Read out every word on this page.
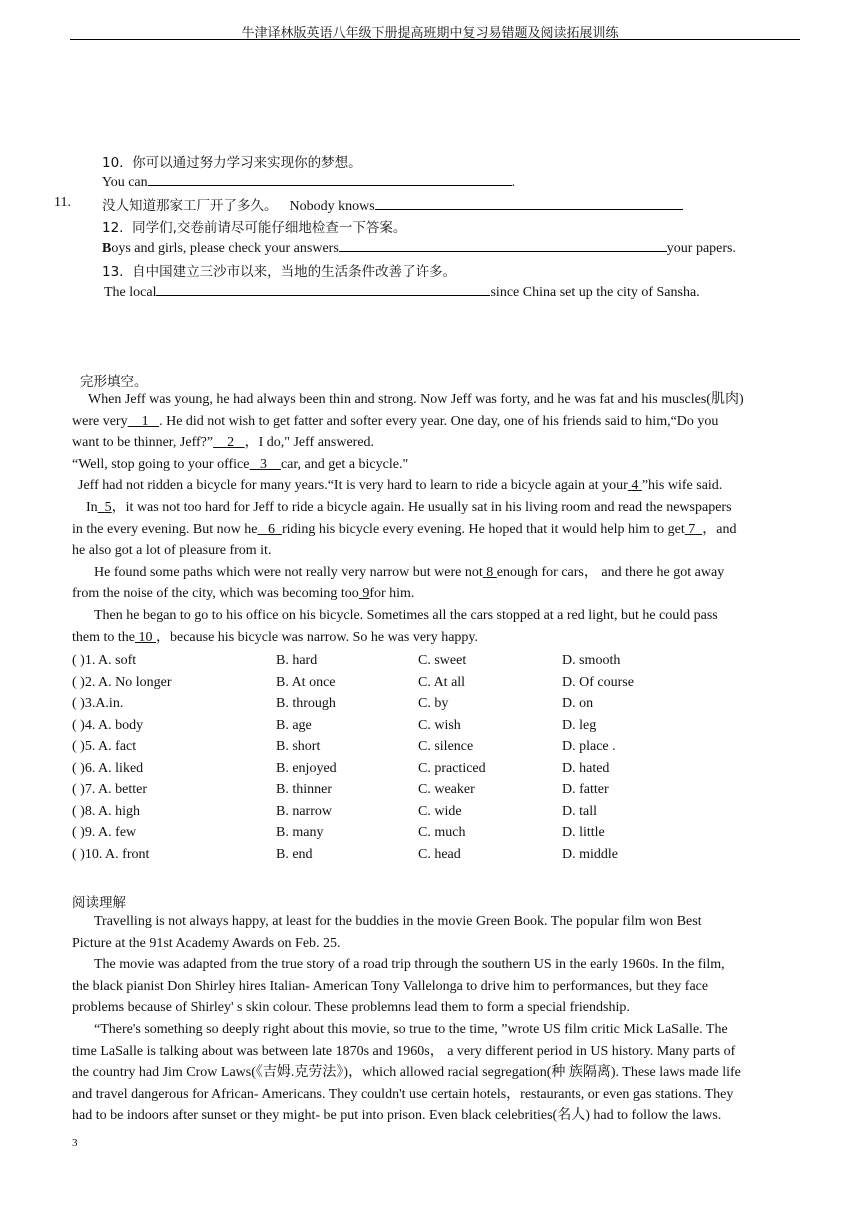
牛津译林版英语八年级下册提高班期中复习易错题及阅读拓展训练
10. 你可以通过努力学习来实现你的梦想。
You can	.
11. 没人知道那家工厂开了多久。 Nobody knows
12. 同学们,交卷前请尽可能仔细地检查一下答案。
Boys and girls, please check your answers	your papers.
13. 自中国建立三沙市以来，当地的生活条件改善了许多。
The local	since China set up the city of Sansha.
完形填空。

When Jeff was young, he had always been thin and strong. Now Jeff was forty, and he was fat and his muscles(肌肉)

were very 1 . He did not wish to get fatter and softer every year. One day, one of his friends said to him,“Do you

want to be thinner, Jeff?” 2 ，I do," Jeff answered.

“Well, stop going to your office 3 car, and get a bicycle."

Jeff had not ridden a bicycle for many years.“It is very hard to learn to ride a bicycle again at your 4 ”his wife said.

In 5，it was not too hard for Jeff to ride a bicycle again. He usually sat in his living room and read the newspapers

in the every evening. But now he 6 riding his bicycle every evening. He hoped that it would help him to get 7 ，and

he also got a lot of pleasure from it.

He found some paths which were not really very narrow but were not 8 enough for cars， and there he got away

from the noise of the city, which was becoming too 9for him.

Then he began to go to his office on his bicycle. Sometimes all the cars stopped at a red light, but he could pass

them to the 10 ，because his bicycle was narrow. So he was very happy.

( )1. A. soft	B. hard	C. sweet	D. smooth
( )2. A. No longer	B. At once	C. At all	D. Of course
( )3.A.in.	B. through	C. by	D. on
( )4. A. body	B. age	C. wish	D. leg
( )5. A. fact	B. short	C. silence	D. place .
( )6. A. liked	B. enjoyed	C. practiced	D. hated
( )7. A. better	B. thinner	C. weaker	D. fatter
( )8. A. high	B. narrow	C. wide	D. tall
( )9. A. few	B. many	C. much	D. little
( )10. A. front	B. end	C. head	D. middle
阅读理解

Travelling is not always happy, at least for the buddies in the movie Green Book. The popular film won Best

Picture at the 91st Academy Awards on Feb. 25.

The movie was adapted from the true story of a road trip through the southern US in the early 1960s. In the film,

the black pianist Don Shirley hires Italian- American Tony Vallelonga to drive him to performances, but they face

problems because of Shirley' s skin colour. These problemns lead them to form a special friendship.

“There's something so deeply right about this movie, so true to the time, ”wrote US film critic Mick LaSalle. The

time LaSalle is talking about was between late 1870s and 1960s， a very different period in US history. Many parts of

the country had Jim Crow Laws(《吉姆.克劳法》)，which allowed racial segregation(种 族隔离). These laws made life

and travel dangerous for African- Americans. They couldn't use certain hotels，restaurants, or even gas stations. They

had to be indoors after sunset or they might- be put into prison. Even black celebrities(名人) had to follow the laws.

3
